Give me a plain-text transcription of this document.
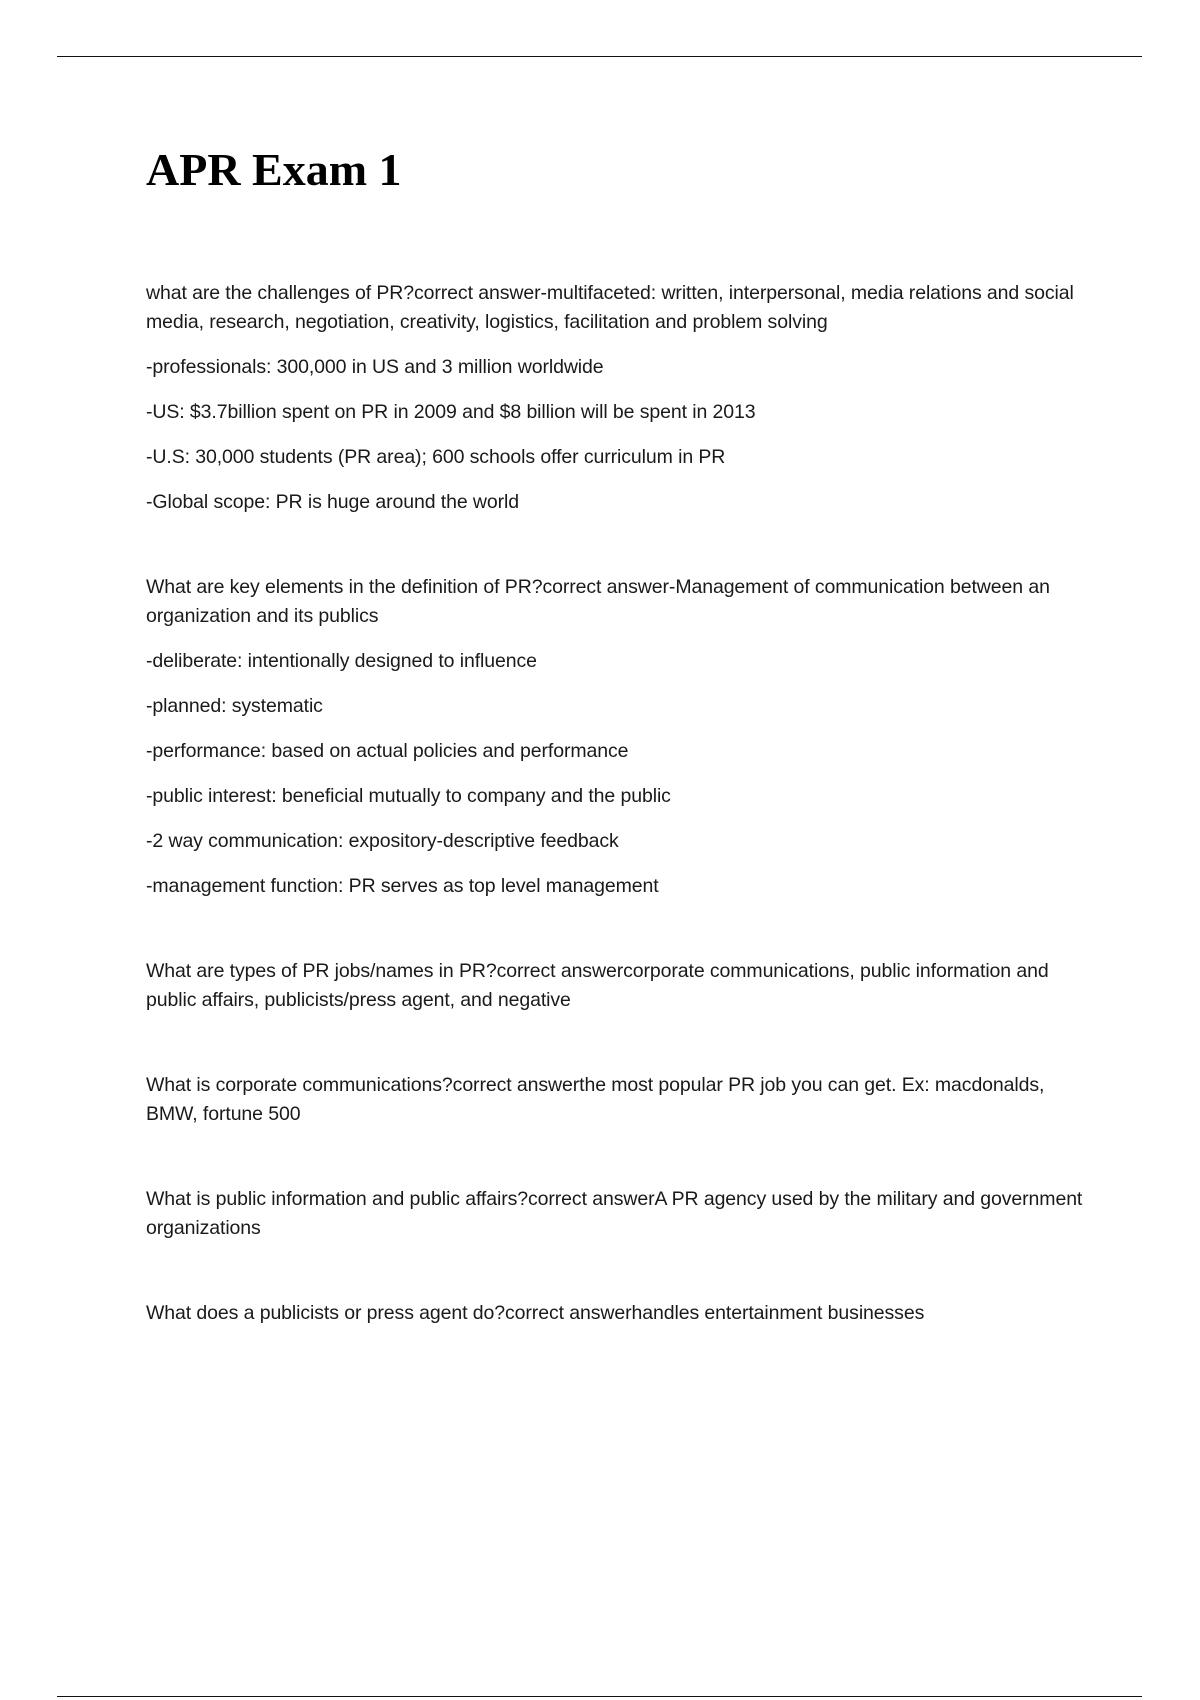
APR Exam 1

what are the challenges of PR?correct answer-multifaceted: written, interpersonal, media relations and social media, research, negotiation, creativity, logistics, facilitation and problem solving

-professionals: 300,000 in US and 3 million worldwide

-US: $3.7billion spent on PR in 2009 and $8 billion will be spent in 2013

-U.S: 30,000 students (PR area); 600 schools offer curriculum in PR

-Global scope: PR is huge around the world

What are key elements in the definition of PR?correct answer-Management of communication between an organization and its publics

-deliberate: intentionally designed to influence

-planned: systematic

-performance: based on actual policies and performance

-public interest: beneficial mutually to company and the public

-2 way communication: expository-descriptive feedback

-management function: PR serves as top level management

What are types of PR jobs/names in PR?correct answercorporate communications, public information and public affairs, publicists/press agent, and negative

What is corporate communications?correct answerthe most popular PR job you can get. Ex: macdonalds, BMW, fortune 500

What is public information and public affairs?correct answerA PR agency used by the military and government organizations

What does a publicists or press agent do?correct answerhandles entertainment businesses
